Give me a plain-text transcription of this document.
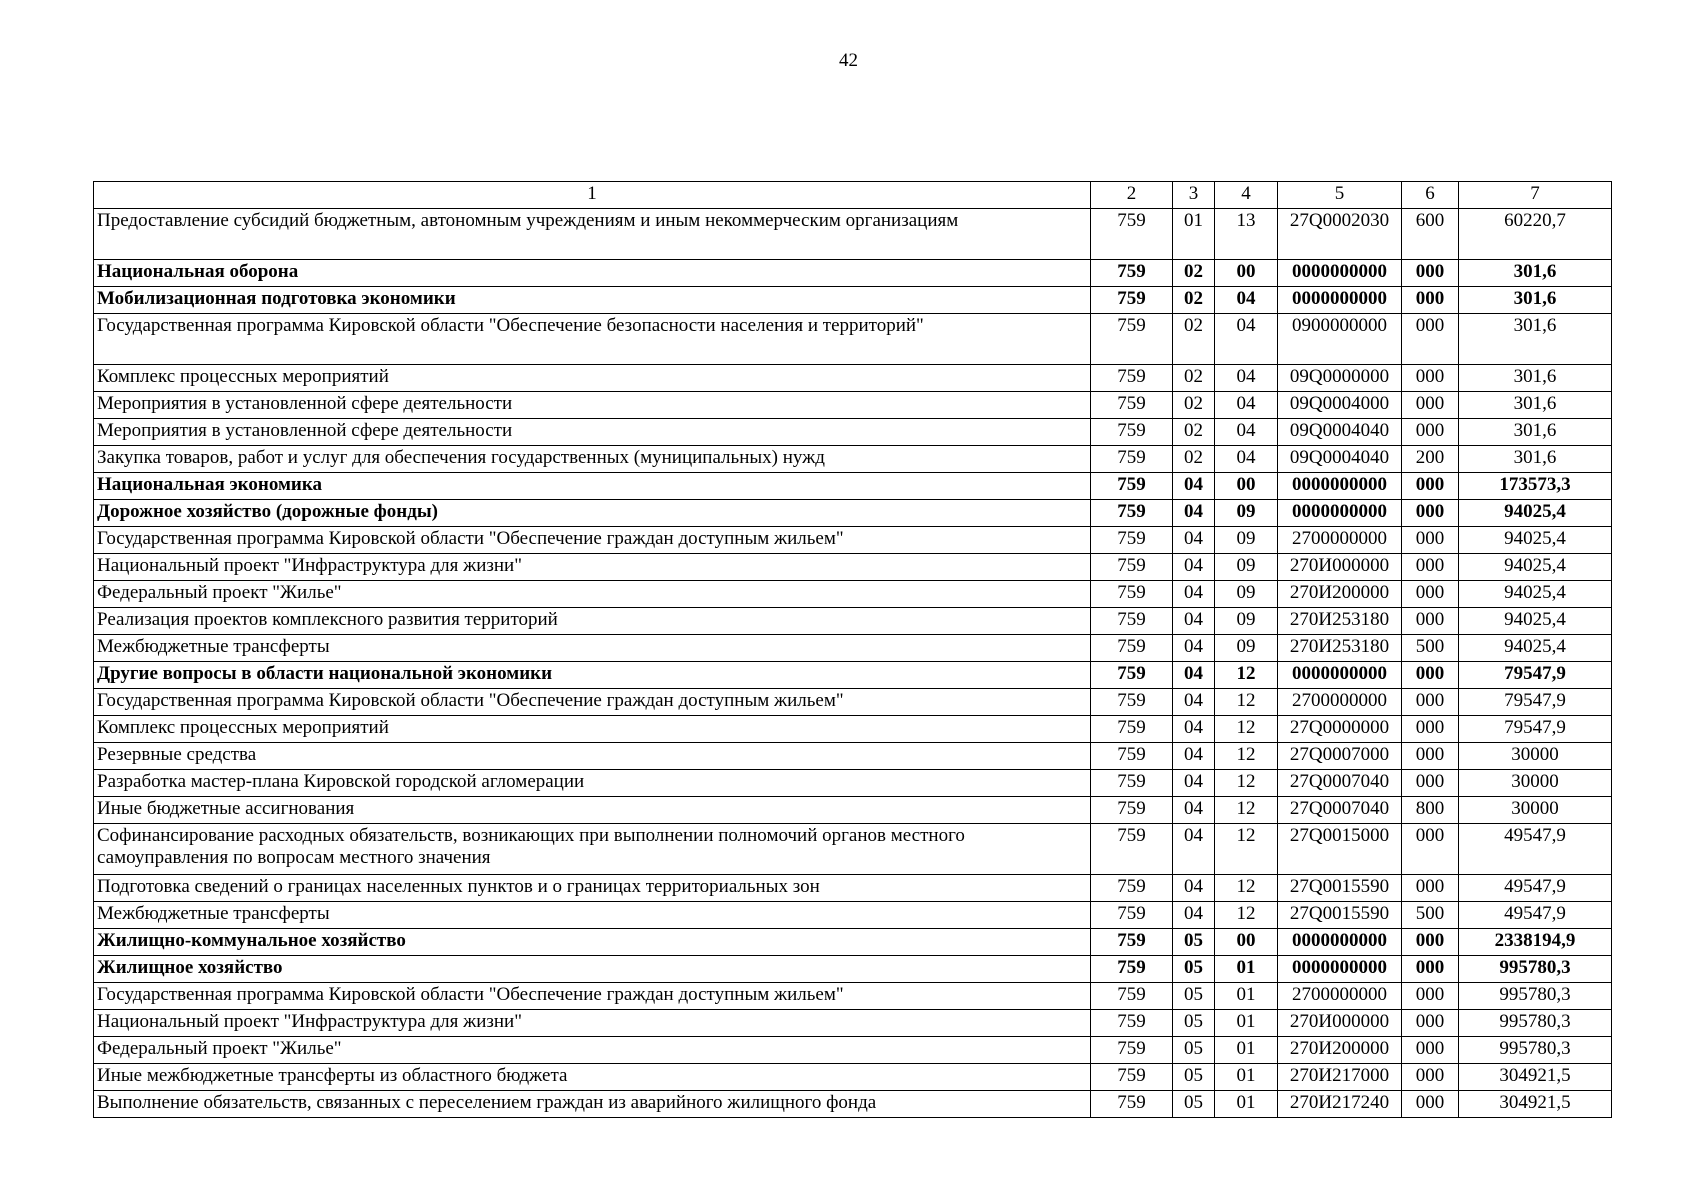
42
1	2	3	4	5	6	7
Предоставление субсидий бюджетным, автономным учреждениям и иным некоммерческим организациям	759	01	13	27Q0002030	600	60220,7
Национальная оборона	759	02	00	0000000000	000	301,6
Мобилизационная подготовка экономики	759	02	04	0000000000	000	301,6
Государственная программа Кировской области "Обеспечение безопасности населения и территорий"	759	02	04	0900000000	000	301,6
Комплекс процессных мероприятий	759	02	04	09Q0000000	000	301,6
Мероприятия в установленной сфере деятельности	759	02	04	09Q0004000	000	301,6
Мероприятия в установленной сфере деятельности	759	02	04	09Q0004040	000	301,6
Закупка товаров, работ и услуг для обеспечения государственных (муниципальных) нужд	759	02	04	09Q0004040	200	301,6
Национальная экономика	759	04	00	0000000000	000	173573,3
Дорожное хозяйство (дорожные фонды)	759	04	09	0000000000	000	94025,4
Государственная программа Кировской области "Обеспечение граждан доступным жильем"	759	04	09	2700000000	000	94025,4
Национальный проект "Инфраструктура для жизни"	759	04	09	270И000000	000	94025,4
Федеральный проект "Жилье"	759	04	09	270И200000	000	94025,4
Реализация проектов комплексного развития территорий	759	04	09	270И253180	000	94025,4
Межбюджетные трансферты	759	04	09	270И253180	500	94025,4
Другие вопросы в области национальной экономики	759	04	12	0000000000	000	79547,9
Государственная программа Кировской области "Обеспечение граждан доступным жильем"	759	04	12	2700000000	000	79547,9
Комплекс процессных мероприятий	759	04	12	27Q0000000	000	79547,9
Резервные средства	759	04	12	27Q0007000	000	30000
Разработка мастер-плана Кировской городской агломерации	759	04	12	27Q0007040	000	30000
Иные бюджетные ассигнования	759	04	12	27Q0007040	800	30000
Софинансирование расходных обязательств, возникающих при выполнении полномочий органов местного самоуправления по вопросам местного значения	759	04	12	27Q0015000	000	49547,9
Подготовка сведений о границах населенных пунктов и о границах территориальных зон	759	04	12	27Q0015590	000	49547,9
Межбюджетные трансферты	759	04	12	27Q0015590	500	49547,9
Жилищно-коммунальное хозяйство	759	05	00	0000000000	000	2338194,9
Жилищное хозяйство	759	05	01	0000000000	000	995780,3
Государственная программа Кировской области "Обеспечение граждан доступным жильем"	759	05	01	2700000000	000	995780,3
Национальный проект "Инфраструктура для жизни"	759	05	01	270И000000	000	995780,3
Федеральный проект "Жилье"	759	05	01	270И200000	000	995780,3
Иные межбюджетные трансферты из областного бюджета	759	05	01	270И217000	000	304921,5
Выполнение обязательств, связанных с переселением граждан из аварийного жилищного фонда	759	05	01	270И217240	000	304921,5
